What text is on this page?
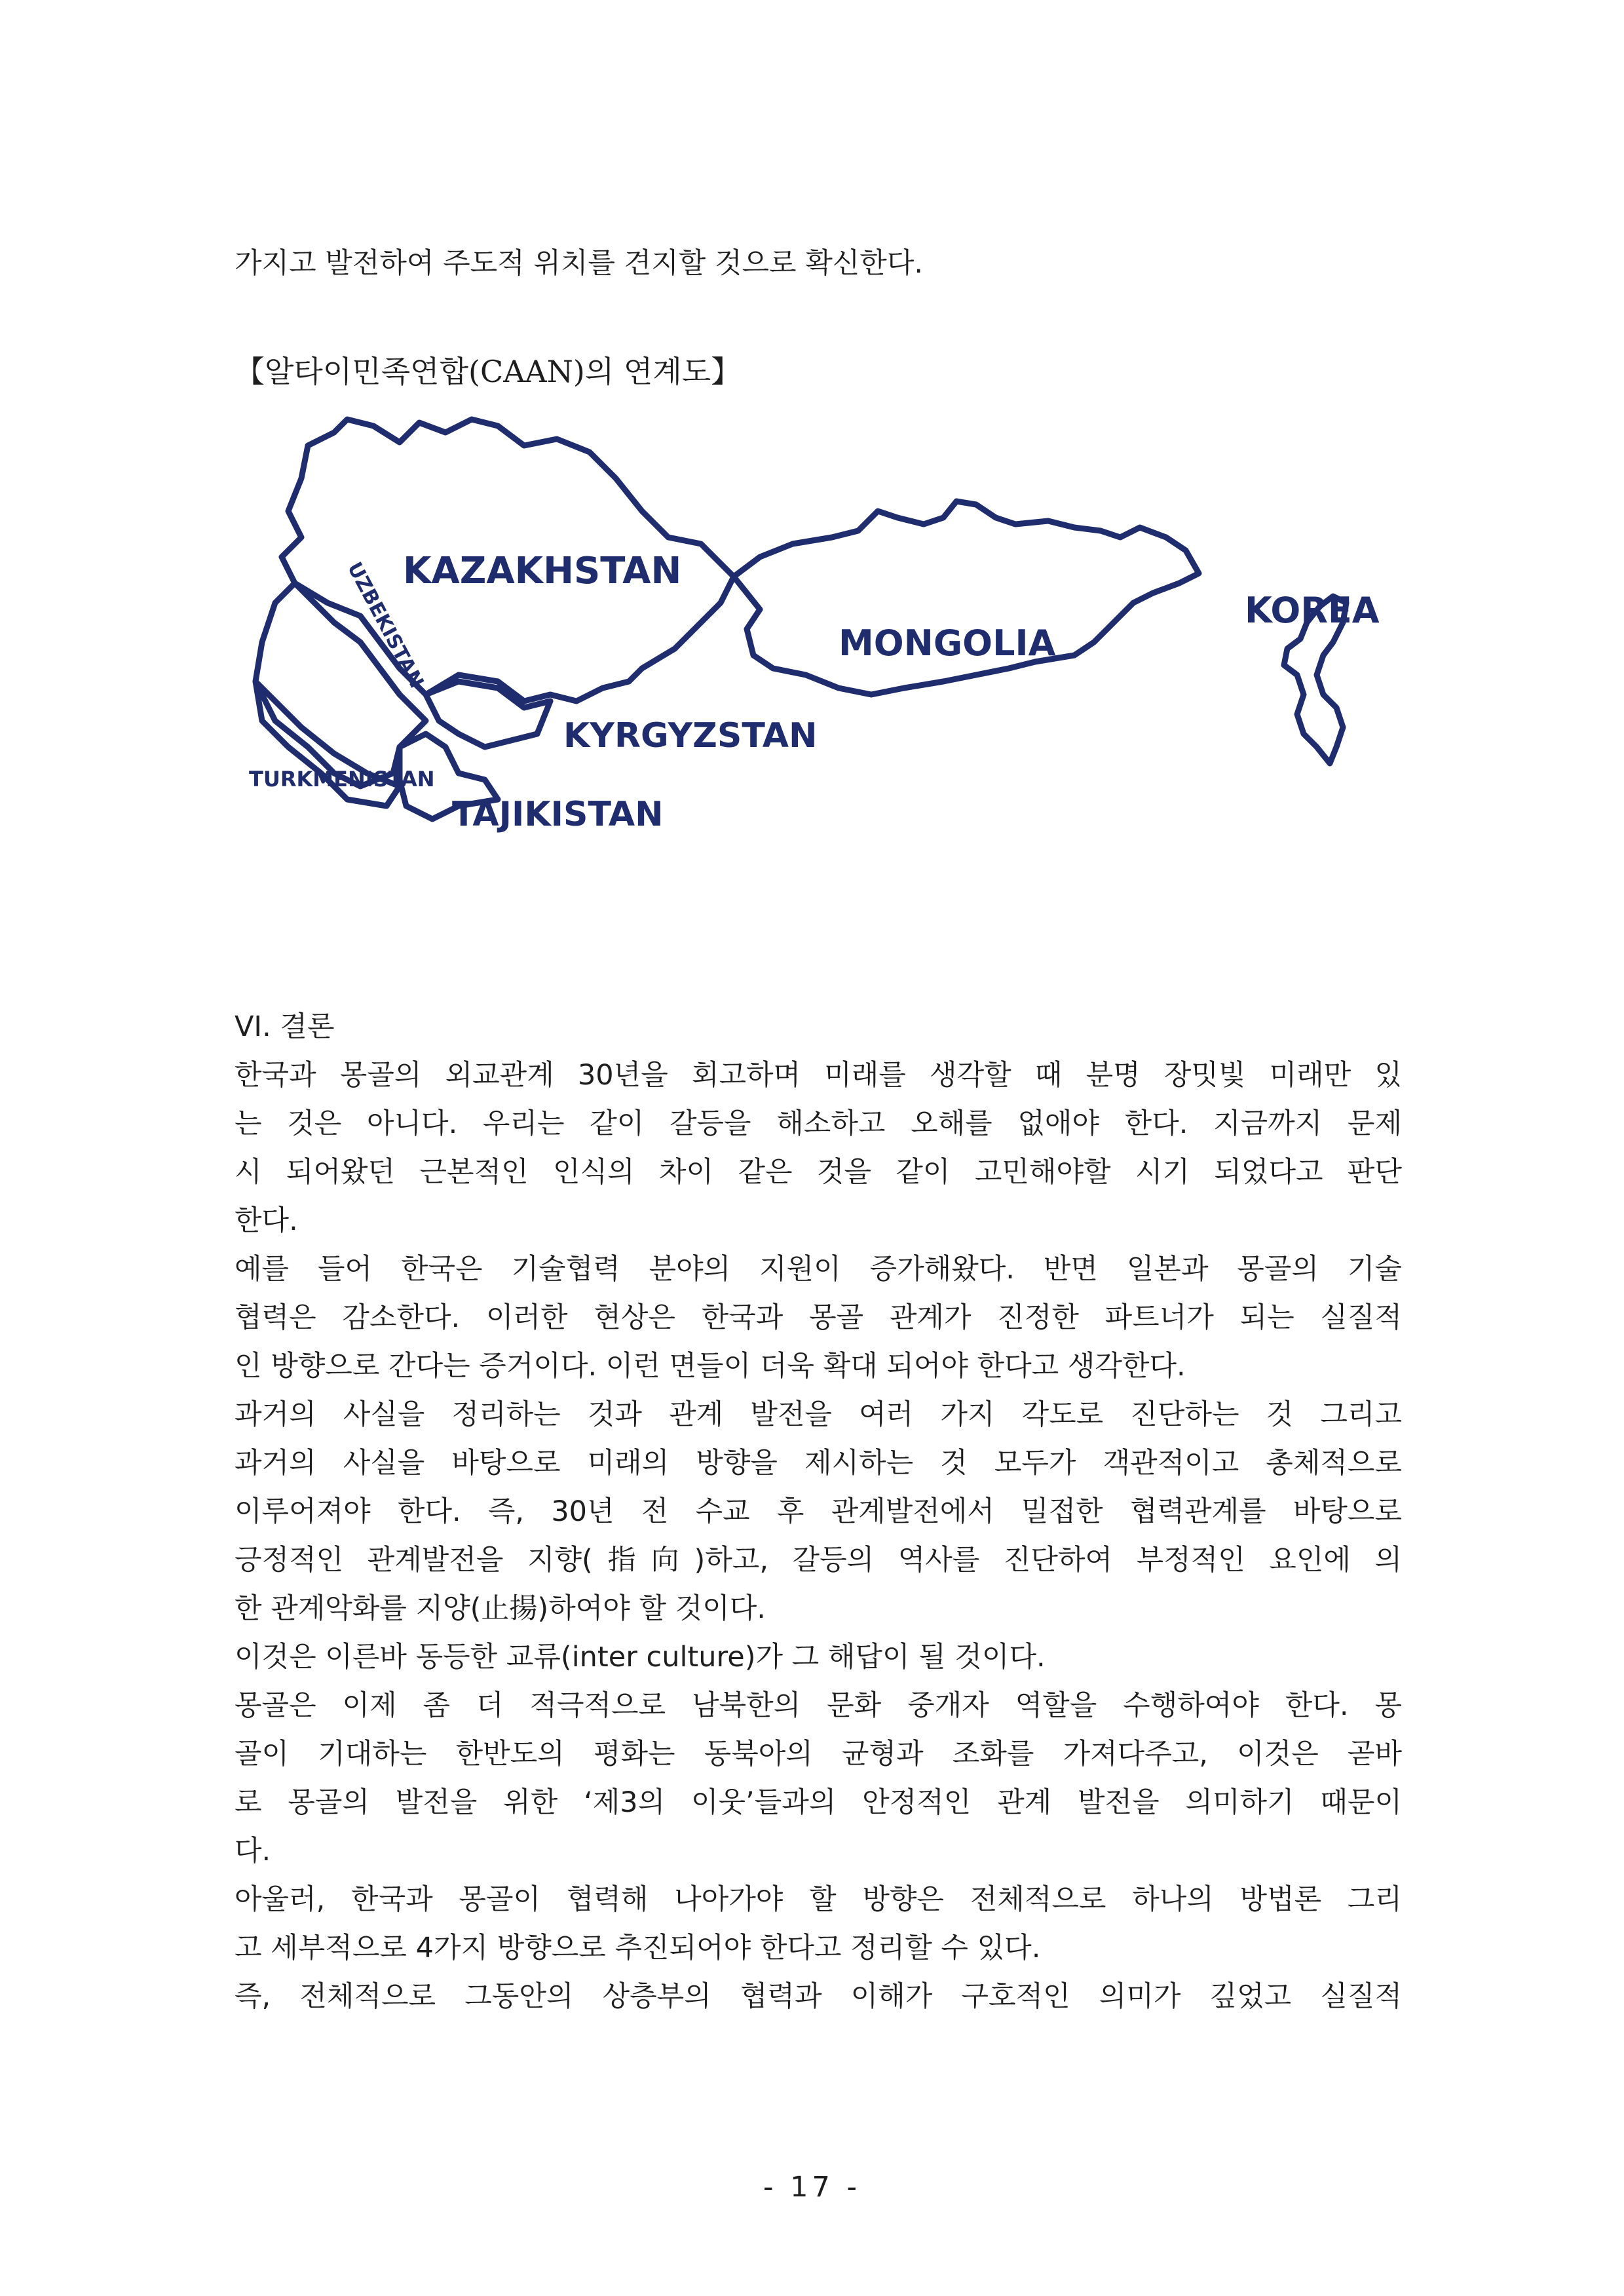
가지고 발전하여 주도적 위치를 견지할 것으로 확신한다.

【알타이민족연합(CAAN)의 연계도】
KAZAKHSTAN
UZBEKISTAN	MONGOLIA
KOREA
KYRGYZSTAN
TURKMENISTAN
TAJIKISTAN

VI. 결론

한국과 몽골의 외교관계 30년을 회고하며 미래를 생각할 때 분명 장밋빛 미래만 있

는 것은 아니다. 우리는 같이 갈등을 해소하고 오해를 없애야 한다. 지금까지 문제

시 되어왔던 근본적인 인식의 차이 같은 것을 같이 고민해야할 시기 되었다고 판단

한다.

예를 들어 한국은 기술협력 분야의 지원이 증가해왔다. 반면 일본과 몽골의 기술

협력은 감소한다. 이러한 현상은 한국과 몽골 관계가 진정한 파트너가 되는 실질적

인 방향으로 간다는 증거이다. 이런 면들이 더욱 확대 되어야 한다고 생각한다.

과거의 사실을 정리하는 것과 관계 발전을 여러 가지 각도로 진단하는 것 그리고

과거의 사실을 바탕으로 미래의 방향을 제시하는 것 모두가 객관적이고 총체적으로

이루어져야 한다. 즉, 30년 전 수교 후 관계발전에서 밀접한 협력관계를 바탕으로

긍정적인 관계발전을 지향(指向)하고, 갈등의 역사를 진단하여 부정적인 요인에 의

한 관계악화를 지양(止揚)하여야 할 것이다.

이것은 이른바 동등한 교류(inter culture)가 그 해답이 될 것이다.

몽골은 이제 좀 더 적극적으로 남북한의 문화 중개자 역할을 수행하여야 한다. 몽

골이 기대하는 한반도의 평화는 동북아의 균형과 조화를 가져다주고, 이것은 곧바

로 몽골의 발전을 위한 ‘제3의 이웃’들과의 안정적인 관계 발전을 의미하기 때문이

다.

아울러, 한국과 몽골이 협력해 나아가야 할 방향은 전체적으로 하나의 방법론 그리

고 세부적으로 4가지 방향으로 추진되어야 한다고 정리할 수 있다.

즉, 전체적으로 그동안의 상층부의 협력과 이해가 구호적인 의미가 깊었고 실질적

- 17 -
